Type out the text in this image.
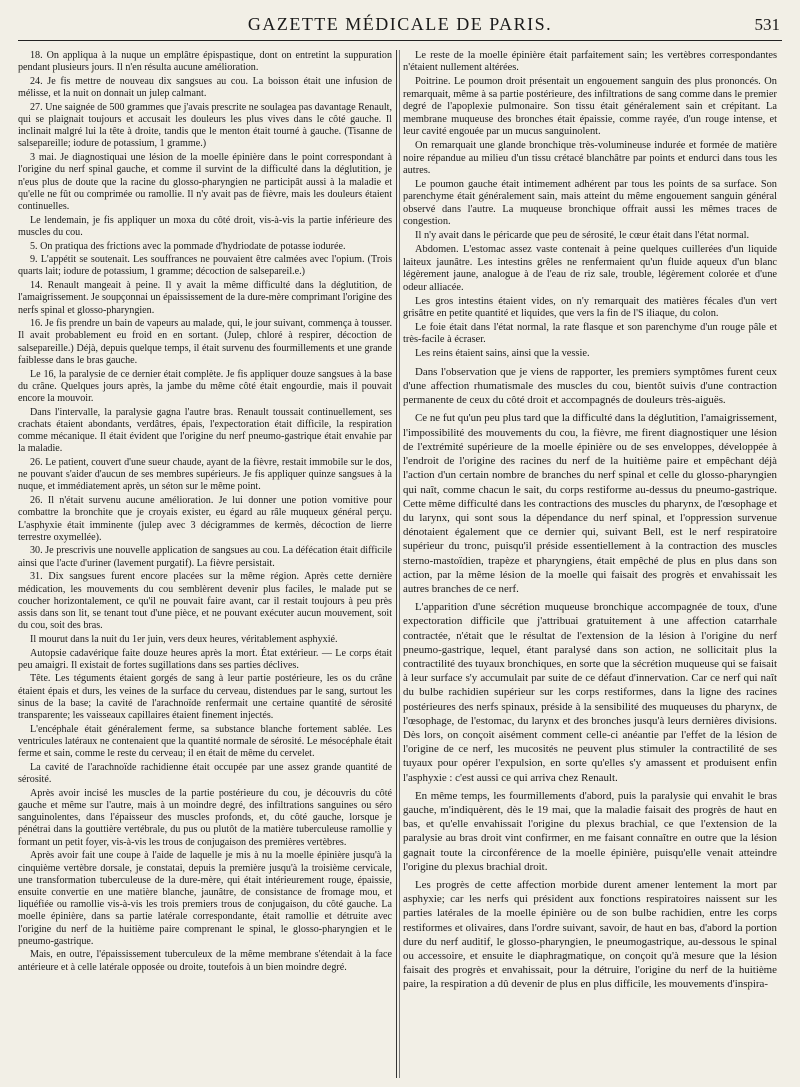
GAZETTE MÉDICALE DE PARIS.	531

18. On appliqua à la nuque un emplâtre épispastique, dont on entretint la suppuration pendant plusieurs jours. Il n'en résulta aucune amélioration.

24. Je fis mettre de nouveau dix sangsues au cou. La boisson était une infusion de mélisse, et la nuit on donnait un julep calmant.

27. Une saignée de 500 grammes que j'avais prescrite ne soulagea pas davantage Renault, qui se plaignait toujours et accusait les douleurs les plus vives dans le côté gauche. Il inclinait malgré lui la tête à droite, tandis que le menton était tourné à gauche. (Tisanne de salsepareille; iodure de potassium, 1 gramme.)

3 mai. Je diagnostiquai une lésion de la moelle épinière dans le point correspondant à l'origine du nerf spinal gauche, et comme il survint de la difficulté dans la déglutition, je n'eus plus de doute que la racine du glosso-pharyngien ne participât aussi à la maladie et qu'elle ne fût ou comprimée ou ramollie. Il n'y avait pas de fièvre, mais les douleurs étaient continuelles.

Le lendemain, je fis appliquer un moxa du côté droit, vis-à-vis la partie inférieure des muscles du cou.

5. On pratiqua des frictions avec la pommade d'hydriodate de potasse iodurée.

9. L'appétit se soutenait. Les souffrances ne pouvaient être calmées avec l'opium. (Trois quarts lait; iodure de potassium, 1 gramme; décoction de salsepareil.e.)

14. Renault mangeait à peine. Il y avait la même difficulté dans la déglutition, de l'amaigrissement. Je soupçonnai un épaississement de la dure-mère comprimant l'origine des nerfs spinal et glosso-pharyngien.

16. Je fis prendre un bain de vapeurs au malade, qui, le jour suivant, commença à tousser. Il avait probablement eu froid en en sortant. (Julep, chloré à respirer, décoction de salsepareille.) Déjà, depuis quelque temps, il était survenu des fourmillements et une grande faiblesse dans le bras gauche.

Le 16, la paralysie de ce dernier était complète. Je fis appliquer douze sangsues à la base du crâne. Quelques jours après, la jambe du même côté était engourdie, mais il pouvait encore la mouvoir.

Dans l'intervalle, la paralysie gagna l'autre bras. Renault toussait continuellement, ses crachats étaient abondants, verdâtres, épais, l'expectoration était difficile, la respiration comme mécanique. Il était évident que l'origine du nerf pneumo-gastrique était envahie par la maladie.

26. Le patient, couvert d'une sueur chaude, ayant de la fièvre, restait immobile sur le dos, ne pouvant s'aider d'aucun de ses membres supérieurs. Je fis appliquer quinze sangsues à la nuque, et immédiatement après, un séton sur le même point.

26. Il n'était survenu aucune amélioration. Je lui donner une potion vomitive pour combattre la bronchite que je croyais exister, eu égard au râle muqueux général perçu. L'asphyxie était imminente (julep avec 3 décigrammes de kermès, décoction de lierre terrestre oxymellée).

30. Je prescrivis une nouvelle application de sangsues au cou. La défécation était difficile ainsi que l'acte d'uriner (lavement purgatif). La fièvre persistait.

31. Dix sangsues furent encore placées sur la même région. Après cette dernière médication, les mouvements du cou semblèrent devenir plus faciles, le malade put se coucher horizontalement, ce qu'il ne pouvait faire avant, car il restait toujours à peu près assis dans son lit, se tenant tout d'une pièce, et ne pouvant exécuter aucun mouvement, soit du cou, soit des bras.

Il mourut dans la nuit du 1er juin, vers deux heures, véritablement asphyxié.

Autopsie cadavérique faite douze heures après la mort. État extérieur. — Le corps était peu amaigri. Il existait de fortes sugillations dans ses parties déclives.

Tête. Les téguments étaient gorgés de sang à leur partie postérieure, les os du crâne étaient épais et durs, les veines de la surface du cerveau, distendues par le sang, surtout les sinus de la base; la cavité de l'arachnoïde renfermait une certaine quantité de sérosité transparente; les vaisseaux capillaires étaient finement injectés.

L'encéphale était généralement ferme, sa substance blanche fortement sablée. Les ventricules latéraux ne contenaient que la quantité normale de sérosité. Le mésocéphale était ferme et sain, comme le reste du cerveau; il en était de même du cervelet.

La cavité de l'arachnoïde rachidienne était occupée par une assez grande quantité de sérosité.

Après avoir incisé les muscles de la partie postérieure du cou, je découvris du côté gauche et même sur l'autre, mais à un moindre degré, des infiltrations sanguines ou séro sanguinolentes, dans l'épaisseur des muscles profonds, et, du côté gauche, lorsque je pénétrai dans la gouttière vertébrale, du pus ou plutôt de la matière tuberculeuse ramollie y formant un petit foyer, vis-à-vis les trous de conjugaison des premières vertèbres.

Après avoir fait une coupe à l'aide de laquelle je mis à nu la moelle épinière jusqu'à la cinquième vertèbre dorsale, je constatai, depuis la première jusqu'à la troisième cervicale, une transformation tuberculeuse de la dure-mère, qui était intérieurement rouge, épaissie, ensuite convertie en une matière blanche, jaunâtre, de consistance de fromage mou, et liquéfiée ou ramollie vis-à-vis les trois premiers trous de conjugaison, du côté gauche. La moelle épinière, dans sa partie latérale correspondante, était ramollie et détruite avec l'origine du nerf de la huitième paire comprenant le spinal, le glosso-pharyngien et le pneumo-gastrique.

Mais, en outre, l'épaississement tuberculeux de la même membrane s'étendait à la face antérieure et à celle latérale opposée ou droite, toutefois à un bien moindre degré.

Le reste de la moelle épinière était parfaitement sain; les vertèbres correspondantes n'étaient nullement altérées.

Poitrine. Le poumon droit présentait un engouement sanguin des plus prononcés. On remarquait, même à sa partie postérieure, des infiltrations de sang comme dans le premier degré de l'apoplexie pulmonaire. Son tissu était généralement sain et crépitant. La membrane muqueuse des bronches était épaissie, comme rayée, d'un rouge intense, et leur cavité engouée par un mucus sanguinolent.

On remarquait une glande bronchique très-volumineuse indurée et formée de matière noire répandue au milieu d'un tissu crétacé blanchâtre par points et endurci dans tous les autres.

Le poumon gauche était intimement adhérent par tous les points de sa surface. Son parenchyme était généralement sain, mais atteint du même engouement sanguin général observé dans l'autre. La muqueuse bronchique offrait aussi les mêmes traces de congestion.

Il n'y avait dans le péricarde que peu de sérosité, le cœur était dans l'état normal.

Abdomen. L'estomac assez vaste contenait à peine quelques cuillerées d'un liquide laiteux jaunâtre. Les intestins grêles ne renfermaient qu'un fluide aqueux d'un blanc légèrement jaune, analogue à de l'eau de riz sale, trouble, légèrement colorée et d'une odeur alliacée.

Les gros intestins étaient vides, on n'y remarquait des matières fécales d'un vert grisâtre en petite quantité et liquides, que vers la fin de l'S iliaque, du colon.

Le foie était dans l'état normal, la rate flasque et son parenchyme d'un rouge pâle et très-facile à écraser.

Les reins étaient sains, ainsi que la vessie.

Dans l'observation que je viens de rapporter, les premiers symptômes furent ceux d'une affection rhumatismale des muscles du cou, bientôt suivis d'une contraction permanente de ceux du côté droit et accompagnés de douleurs très-aiguës.

Ce ne fut qu'un peu plus tard que la difficulté dans la déglutition, l'amaigrissement, l'impossibilité des mouvements du cou, la fièvre, me firent diagnostiquer une lésion de l'extrémité supérieure de la moelle épinière ou de ses enveloppes, développée à l'endroit de l'origine des racines du nerf de la huitième paire et empêchant déjà l'action d'un certain nombre de branches du nerf spinal et celle du glosso-pharyngien qui naît, comme chacun le sait, du corps restiforme au-dessus du pneumo-gastrique. Cette même difficulté dans les contractions des muscles du pharynx, de l'œsophage et du larynx, qui sont sous la dépendance du nerf spinal, et l'oppression survenue dénotaient également que ce dernier qui, suivant Bell, est le nerf respiratoire supérieur du tronc, puisqu'il préside essentiellement à la contraction des muscles sterno-mastoïdien, trapèze et pharyngiens, était empêché de plus en plus dans son action, par la même lésion de la moelle qui faisait des progrès et envahissait les autres branches de ce nerf.

L'apparition d'une sécrétion muqueuse bronchique accompagnée de toux, d'une expectoration difficile que j'attribuai gratuitement à une affection catarrhale contractée, n'était que le résultat de l'extension de la lésion à l'origine du nerf pneumo-gastrique, lequel, étant paralysé dans son action, ne sollicitait plus la contractilité des tuyaux bronchiques, en sorte que la sécrétion muqueuse qui se faisait à leur surface s'y accumulait par suite de ce défaut d'innervation. Car ce nerf qui naît du bulbe rachidien supérieur sur les corps restiformes, dans la ligne des racines postérieures des nerfs spinaux, préside à la sensibilité des muqueuses du pharynx, de l'œsophage, de l'estomac, du larynx et des bronches jusqu'à leurs dernières divisions. Dès lors, on conçoit aisément comment celle-ci anéantie par l'effet de la lésion de l'origine de ce nerf, les mucosités ne peuvent plus stimuler la contractilité de ses tuyaux pour opérer l'expulsion, en sorte qu'elles s'y amassent et produisent enfin l'asphyxie : c'est aussi ce qui arriva chez Renault.

En même temps, les fourmillements d'abord, puis la paralysie qui envahit le bras gauche, m'indiquèrent, dès le 19 mai, que la maladie faisait des progrès de haut en bas, et qu'elle envahissait l'origine du plexus brachial, ce que l'extension de la paralysie au bras droit vint confirmer, en me faisant connaître en outre que la lésion gagnait toute la circonférence de la moelle épinière, puisqu'elle venait atteindre l'origine du plexus brachial droit.

Les progrès de cette affection morbide durent amener lentement la mort par asphyxie; car les nerfs qui président aux fonctions respiratoires naissent sur les parties latérales de la moelle épinière ou de son bulbe rachidien, entre les corps restiformes et olivaires, dans l'ordre suivant, savoir, de haut en bas, d'abord la portion dure du nerf auditif, le glosso-pharyngien, le pneumogastrique, au-dessous le spinal ou accessoire, et ensuite le diaphragmatique, on conçoit qu'à mesure que la lésion faisait des progrès et envahissait, pour la détruire, l'origine du nerf de la huitième paire, la respiration a dû devenir de plus en plus difficile, les mouvements d'inspira-
